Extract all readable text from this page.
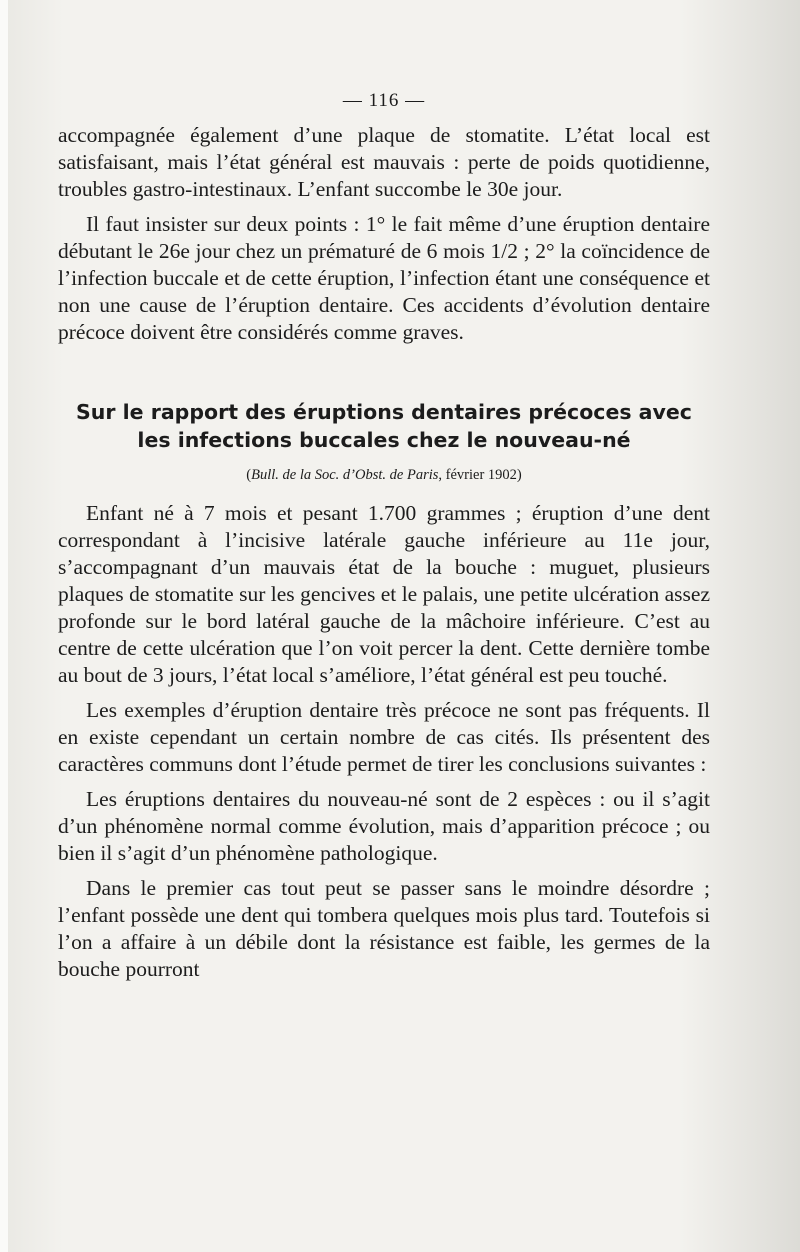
— 116 —

accompagnée également d’une plaque de stomatite. L’état local est satisfaisant, mais l’état général est mauvais : perte de poids quotidienne, troubles gastro-intestinaux. L’enfant succombe le 30e jour.

Il faut insister sur deux points : 1° le fait même d’une éruption dentaire débutant le 26e jour chez un prématuré de 6 mois 1/2 ; 2° la coïncidence de l’infection buccale et de cette éruption, l’infection étant une conséquence et non une cause de l’éruption dentaire. Ces accidents d’évolution dentaire précoce doivent être considérés comme graves.

Sur le rapport des éruptions dentaires précoces avec
les infections buccales chez le nouveau-né
(Bull. de la Soc. d’Obst. de Paris, février 1902)

Enfant né à 7 mois et pesant 1.700 grammes ; éruption d’une dent correspondant à l’incisive latérale gauche inférieure au 11e jour, s’accompagnant d’un mauvais état de la bouche : muguet, plusieurs plaques de stomatite sur les gencives et le palais, une petite ulcération assez profonde sur le bord latéral gauche de la mâchoire inférieure. C’est au centre de cette ulcération que l’on voit percer la dent. Cette dernière tombe au bout de 3 jours, l’état local s’améliore, l’état général est peu touché.

Les exemples d’éruption dentaire très précoce ne sont pas fréquents. Il en existe cependant un certain nombre de cas cités. Ils présentent des caractères communs dont l’étude permet de tirer les conclusions suivantes :

Les éruptions dentaires du nouveau-né sont de 2 espèces : ou il s’agit d’un phénomène normal comme évolution, mais d’apparition précoce ; ou bien il s’agit d’un phénomène pathologique.

Dans le premier cas tout peut se passer sans le moindre désordre ; l’enfant possède une dent qui tombera quelques mois plus tard. Toutefois si l’on a affaire à un débile dont la résistance est faible, les germes de la bouche pourront
